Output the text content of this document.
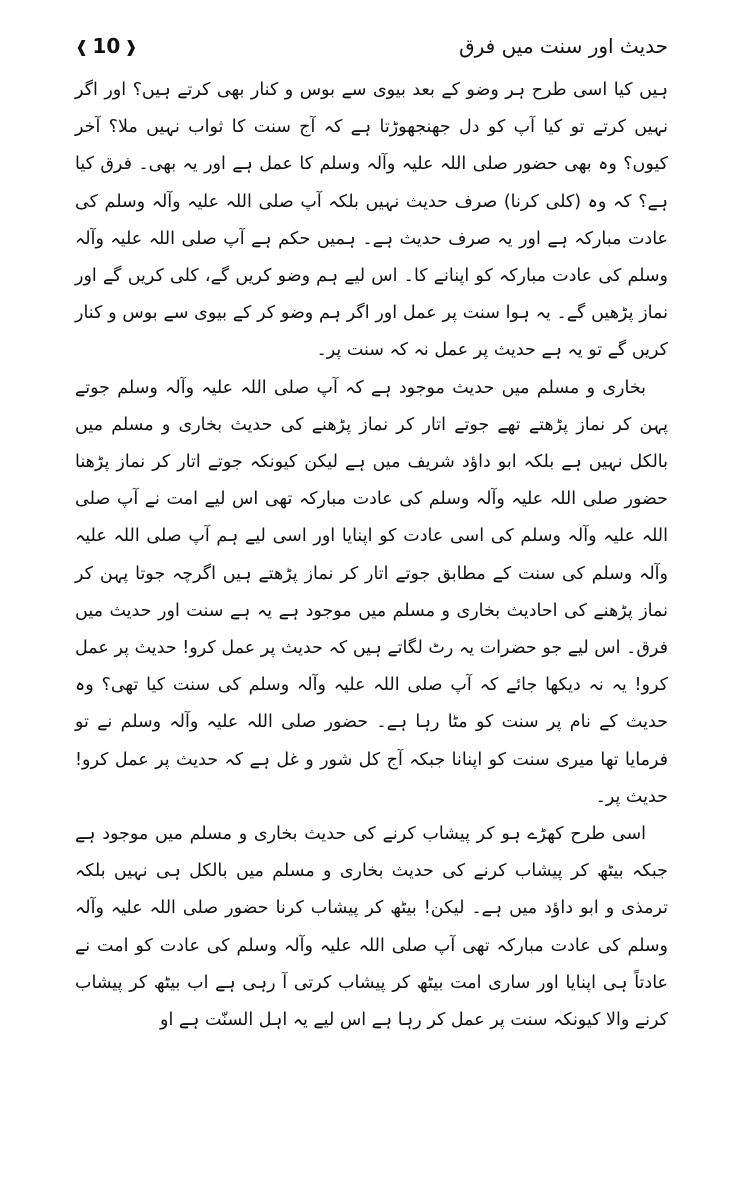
حدیث اور سنت میں فرق
❰ 10 ❱

ہیں کیا اسی طرح ہر وضو کے بعد بیوی سے بوس و کنار بھی کرتے ہیں؟ اور اگر نہیں کرتے تو کیا آپ کو دل جھنجھوڑتا ہے کہ آج سنت کا ثواب نہیں ملا؟ آخر کیوں؟ وہ بھی حضور صلی اللہ علیہ وآلہ وسلم کا عمل ہے اور یہ بھی۔ فرق کیا ہے؟ کہ وہ (کلی کرنا) صرف حدیث نہیں بلکہ آپ صلی اللہ علیہ وآلہ وسلم کی عادت مبارکہ ہے اور یہ صرف حدیث ہے۔ ہمیں حکم ہے آپ صلی اللہ علیہ وآلہ وسلم کی عادت مبارکہ کو اپنانے کا۔ اس لیے ہم وضو کریں گے، کلی کریں گے اور نماز پڑھیں گے۔ یہ ہوا سنت پر عمل اور اگر ہم وضو کر کے بیوی سے بوس و کنار کریں گے تو یہ ہے حدیث پر عمل نہ کہ سنت پر۔

بخاری و مسلم میں حدیث موجود ہے کہ آپ صلی اللہ علیہ وآلہ وسلم جوتے پہن کر نماز پڑھتے تھے جوتے اتار کر نماز پڑھنے کی حدیث بخاری و مسلم میں بالکل نہیں ہے بلکہ ابو داؤد شریف میں ہے لیکن کیونکہ جوتے اتار کر نماز پڑھنا حضور صلی اللہ علیہ وآلہ وسلم کی عادت مبارکہ تھی اس لیے امت نے آپ صلی اللہ علیہ وآلہ وسلم کی اسی عادت کو اپنایا اور اسی لیے ہم آپ صلی اللہ علیہ وآلہ وسلم کی سنت کے مطابق جوتے اتار کر نماز پڑھتے ہیں اگرچہ جوتا پہن کر نماز پڑھنے کی احادیث بخاری و مسلم میں موجود ہے یہ ہے سنت اور حدیث میں فرق۔ اس لیے جو حضرات یہ رٹ لگاتے ہیں کہ حدیث پر عمل کرو! حدیث پر عمل کرو! یہ نہ دیکھا جائے کہ آپ صلی اللہ علیہ وآلہ وسلم کی سنت کیا تھی؟ وہ حدیث کے نام پر سنت کو مٹا رہا ہے۔ حضور صلی اللہ علیہ وآلہ وسلم نے تو فرمایا تھا میری سنت کو اپنانا جبکہ آج کل شور و غل ہے کہ حدیث پر عمل کرو! حدیث پر۔

اسی طرح کھڑے ہو کر پیشاب کرنے کی حدیث بخاری و مسلم میں موجود ہے جبکہ بیٹھ کر پیشاب کرنے کی حدیث بخاری و مسلم میں بالکل ہی نہیں بلکہ ترمذی و ابو داؤد میں ہے۔ لیکن! بیٹھ کر پیشاب کرنا حضور صلی اللہ علیہ وآلہ وسلم کی عادت مبارکہ تھی آپ صلی اللہ علیہ وآلہ وسلم کی عادت کو امت نے عادتاً ہی اپنایا اور ساری امت بیٹھ کر پیشاب کرتی آ رہی ہے اب بیٹھ کر پیشاب کرنے والا کیونکہ سنت پر عمل کر رہا ہے اس لیے یہ اہل السنّت ہے او
